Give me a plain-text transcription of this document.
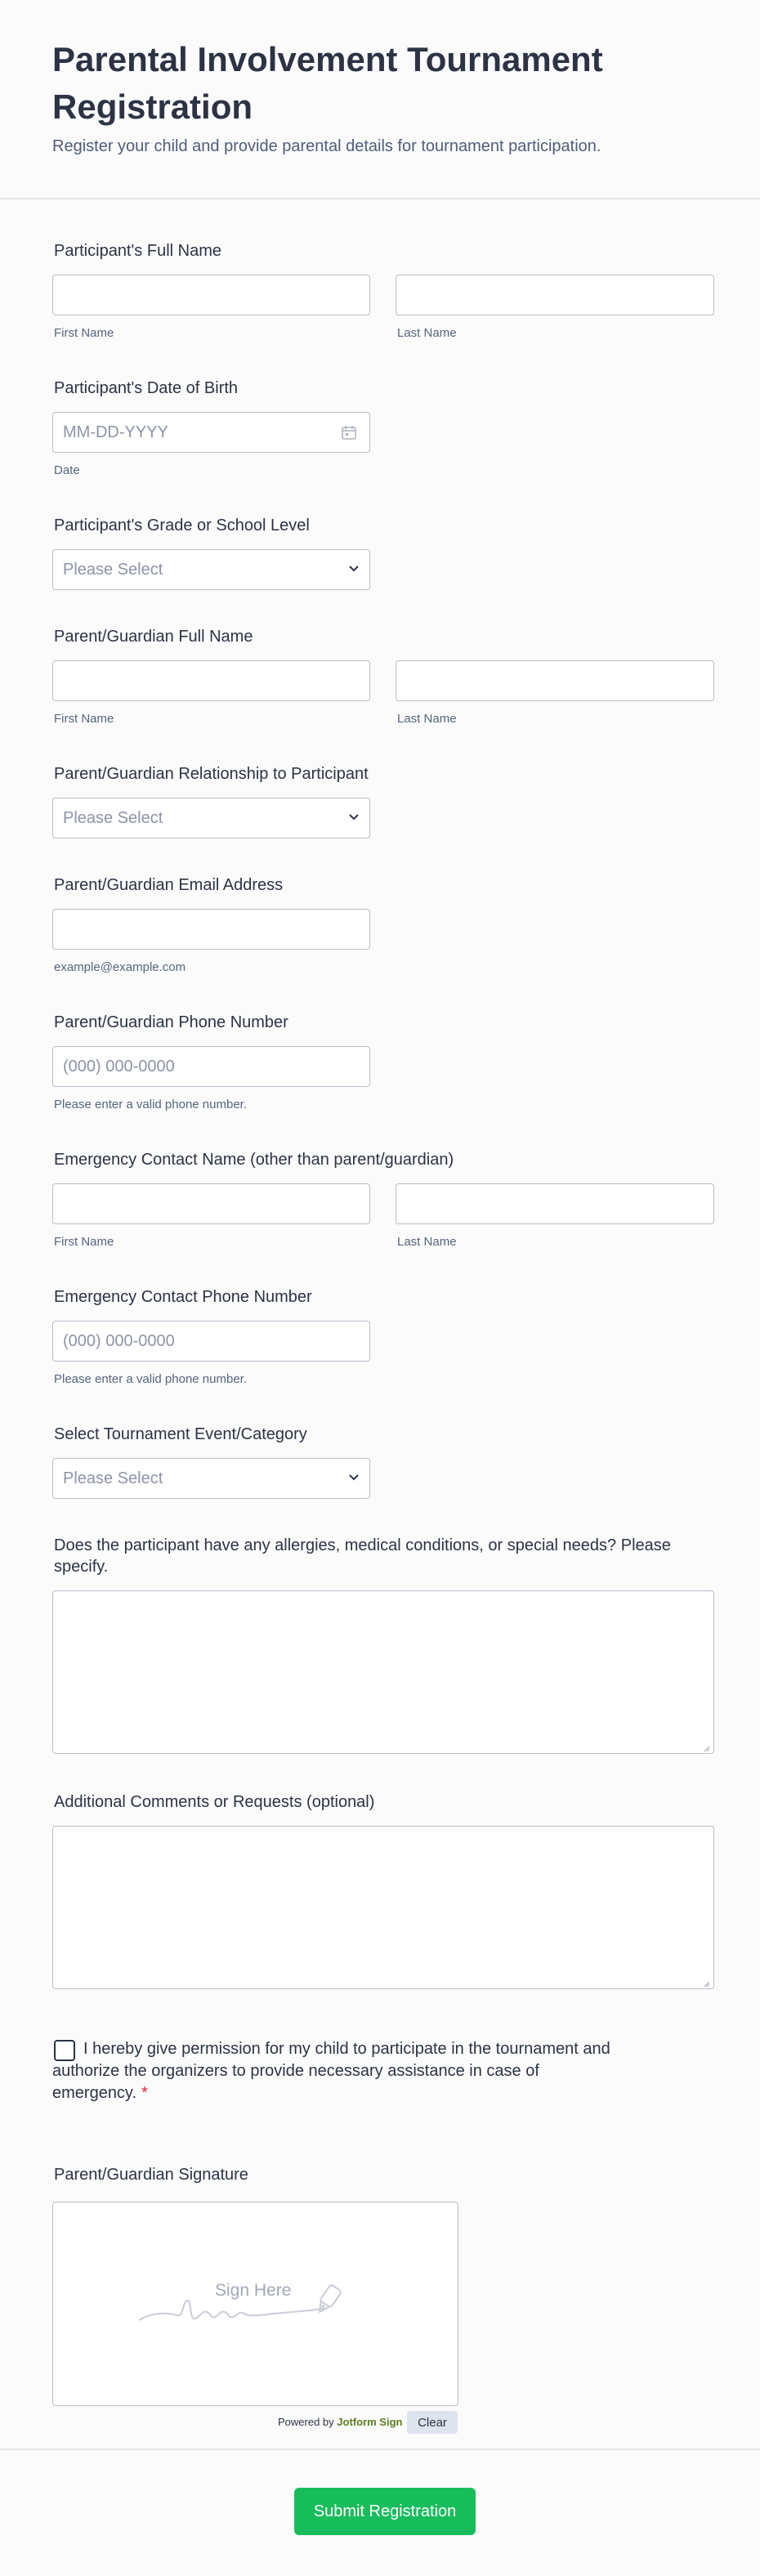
Parental Involvement Tournament Registration

Register your child and provide parental details for tournament participation.

Participant's Full Name
First Name	Last Name
Participant's Date of Birth
MM-DD-YYYY
Date
Participant's Grade or School Level
Please Select
Parent/Guardian Full Name
First Name	Last Name
Parent/Guardian Relationship to Participant
Please Select
Parent/Guardian Email Address
example@example.com
Parent/Guardian Phone Number
(000) 000-0000
Please enter a valid phone number.
Emergency Contact Name (other than parent/guardian)
First Name	Last Name
Emergency Contact Phone Number
(000) 000-0000
Please enter a valid phone number.
Select Tournament Event/Category
Please Select
Does the participant have any allergies, medical conditions, or special needs? Please specify.
Additional Comments or Requests (optional)
I hereby give permission for my child to participate in the tournament and authorize the organizers to provide necessary assistance in case of emergency. *
Parent/Guardian Signature
Sign Here
Powered by Jotform Sign	Clear
Submit Registration
